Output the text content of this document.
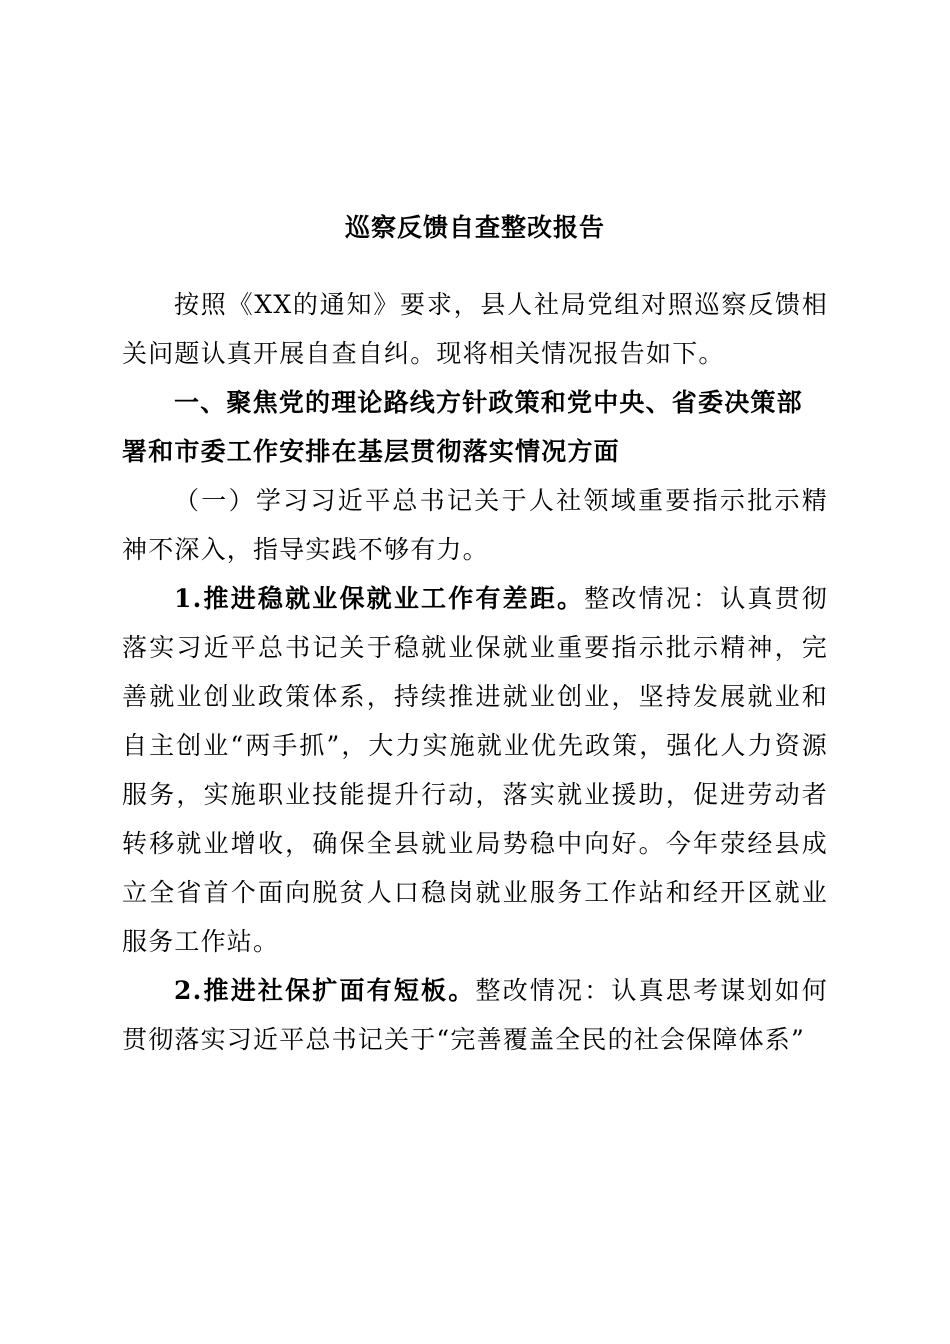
巡察反馈自查整改报告

按照《XX的通知》要求，县人社局党组对照巡察反馈相关问题认真开展自查自纠。现将相关情况报告如下。

一、聚焦党的理论路线方针政策和党中央、省委决策部署和市委工作安排在基层贯彻落实情况方面

（一）学习习近平总书记关于人社领域重要指示批示精神不深入，指导实践不够有力。

1.推进稳就业保就业工作有差距。整改情况：认真贯彻落实习近平总书记关于稳就业保就业重要指示批示精神，完善就业创业政策体系，持续推进就业创业，坚持发展就业和自主创业“两手抓”，大力实施就业优先政策，强化人力资源服务，实施职业技能提升行动，落实就业援助，促进劳动者转移就业增收，确保全县就业局势稳中向好。今年荥经县成立全省首个面向脱贫人口稳岗就业服务工作站和经开区就业服务工作站。

2.推进社保扩面有短板。整改情况：认真思考谋划如何贯彻落实习近平总书记关于“完善覆盖全民的社会保障体系”
